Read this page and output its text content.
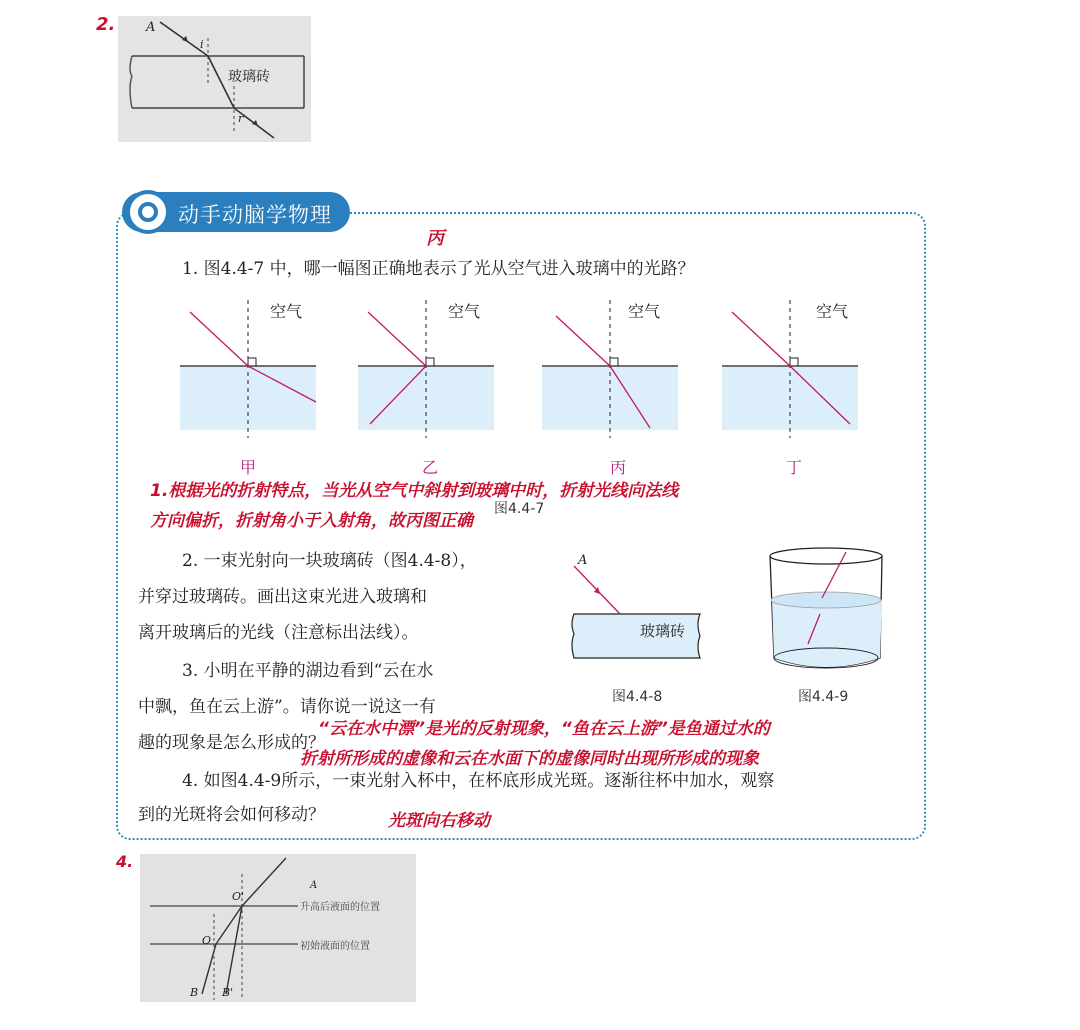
2. A
i
r
玻璃砖
动手动脑学物理
丙
1. 图4.4-7 中，哪一幅图正确地表示了光从空气进入玻璃中的光路？
空气	空气	空气	空气
甲	乙	丙	丁
图4.4-7
1.根据光的折射特点，当光从空气中斜射到玻璃中时，折射光线向法线
方向偏折，折射角小于入射角，故丙图正确
2. 一束光射向一块玻璃砖（图4.4-8），
并穿过玻璃砖。画出这束光进入玻璃和
离开玻璃后的光线（注意标出法线）。
A
玻璃砖
图4.4-8	图4.4-9
3. 小明在平静的湖边看到“云在水
中飘，鱼在云上游”。请你说一说这一有
趣的现象是怎么形成的？
“云在水中漂”是光的反射现象，“鱼在云上游”是鱼通过水的
折射所形成的虚像和云在水面下的虚像同时出现所形成的现象
4. 如图4.4-9所示，一束光射入杯中，在杯底形成光斑。逐渐往杯中加水，观察
到的光斑将会如何移动？	光斑向右移动
4.
A
O'
O
B B'
升高后液面的位置
初始液面的位置
